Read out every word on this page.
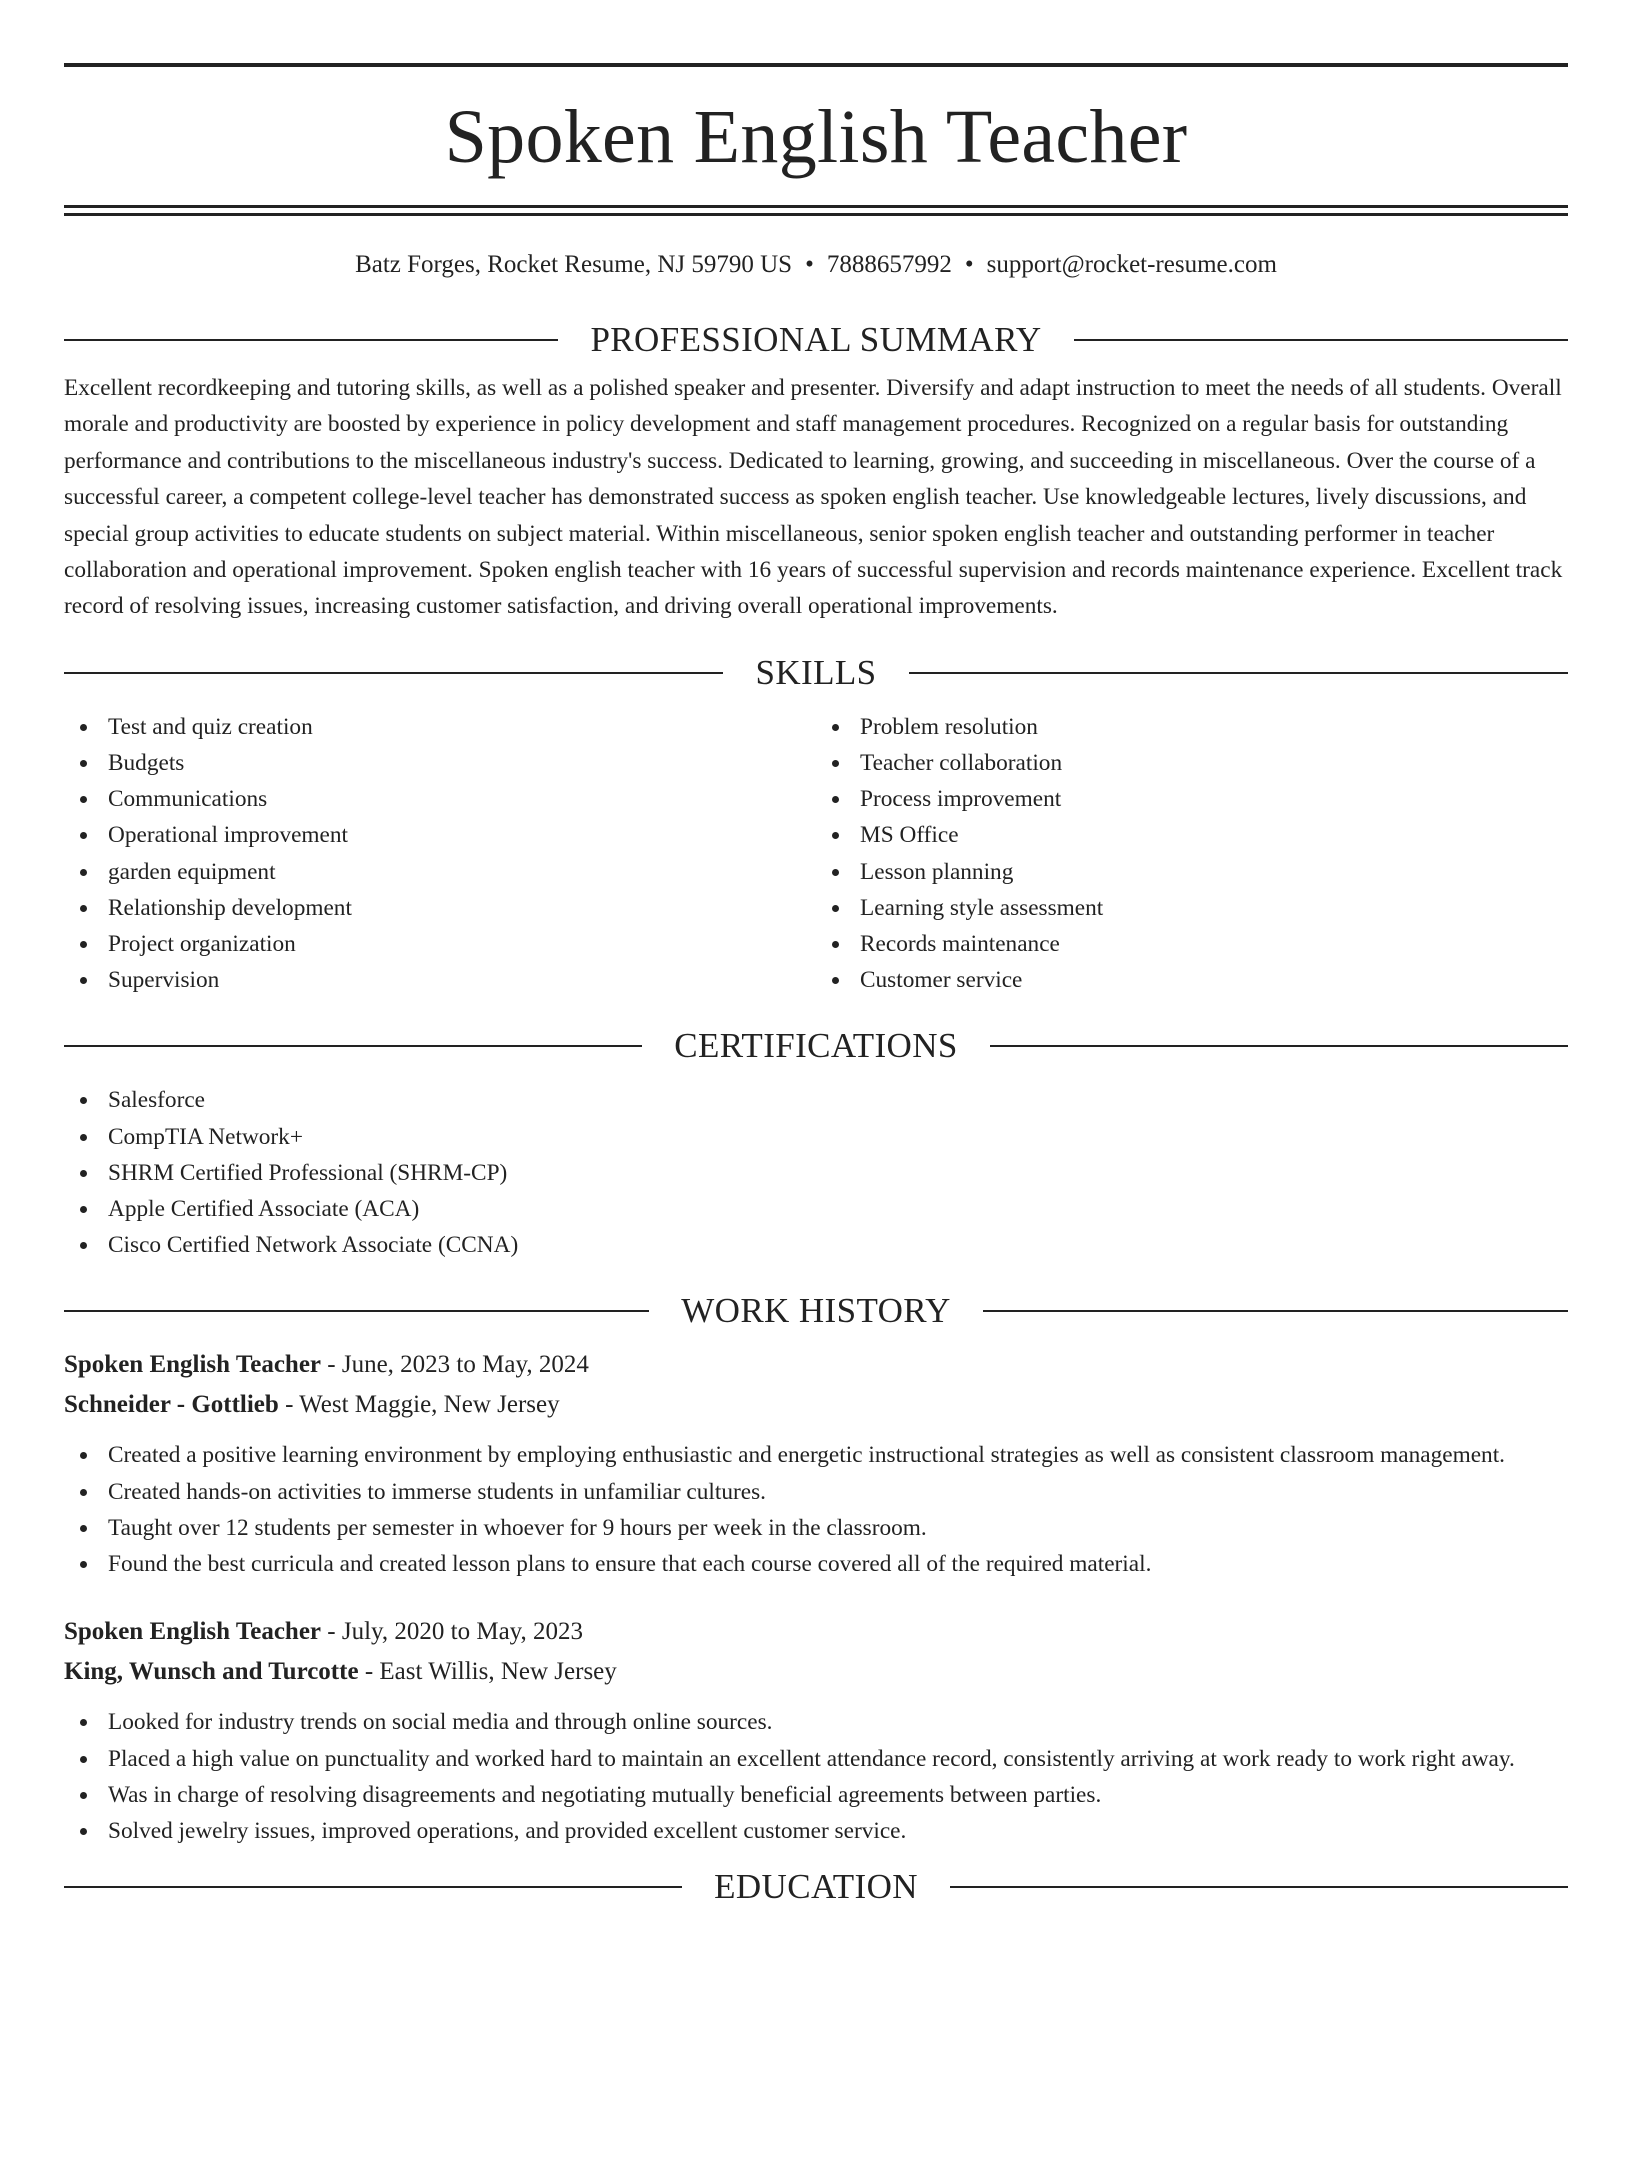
Spoken English Teacher
Batz Forges, Rocket Resume, NJ 59790 US • 7888657992 • support@rocket-resume.com
PROFESSIONAL SUMMARY

Excellent recordkeeping and tutoring skills, as well as a polished speaker and presenter. Diversify and adapt instruction to meet the needs of all students. Overall morale and productivity are boosted by experience in policy development and staff management procedures. Recognized on a regular basis for outstanding performance and contributions to the miscellaneous industry's success. Dedicated to learning, growing, and succeeding in miscellaneous. Over the course of a successful career, a competent college-level teacher has demonstrated success as spoken english teacher. Use knowledgeable lectures, lively discussions, and special group activities to educate students on subject material. Within miscellaneous, senior spoken english teacher and outstanding performer in teacher collaboration and operational improvement. Spoken english teacher with 16 years of successful supervision and records maintenance experience. Excellent track record of resolving issues, increasing customer satisfaction, and driving overall operational improvements.

SKILLS
Test and quiz creation
Budgets
Communications
Operational improvement
garden equipment
Relationship development
Project organization
Supervision
Problem resolution
Teacher collaboration
Process improvement
MS Office
Lesson planning
Learning style assessment
Records maintenance
Customer service
CERTIFICATIONS
Salesforce
CompTIA Network+
SHRM Certified Professional (SHRM-CP)
Apple Certified Associate (ACA)
Cisco Certified Network Associate (CCNA)
WORK HISTORY
Spoken English Teacher - June, 2023 to May, 2024
Schneider - Gottlieb - West Maggie, New Jersey
Created a positive learning environment by employing enthusiastic and energetic instructional strategies as well as consistent classroom management.
Created hands-on activities to immerse students in unfamiliar cultures.
Taught over 12 students per semester in whoever for 9 hours per week in the classroom.
Found the best curricula and created lesson plans to ensure that each course covered all of the required material.
Spoken English Teacher - July, 2020 to May, 2023
King, Wunsch and Turcotte - East Willis, New Jersey
Looked for industry trends on social media and through online sources.
Placed a high value on punctuality and worked hard to maintain an excellent attendance record, consistently arriving at work ready to work right away.
Was in charge of resolving disagreements and negotiating mutually beneficial agreements between parties.
Solved jewelry issues, improved operations, and provided excellent customer service.
EDUCATION
